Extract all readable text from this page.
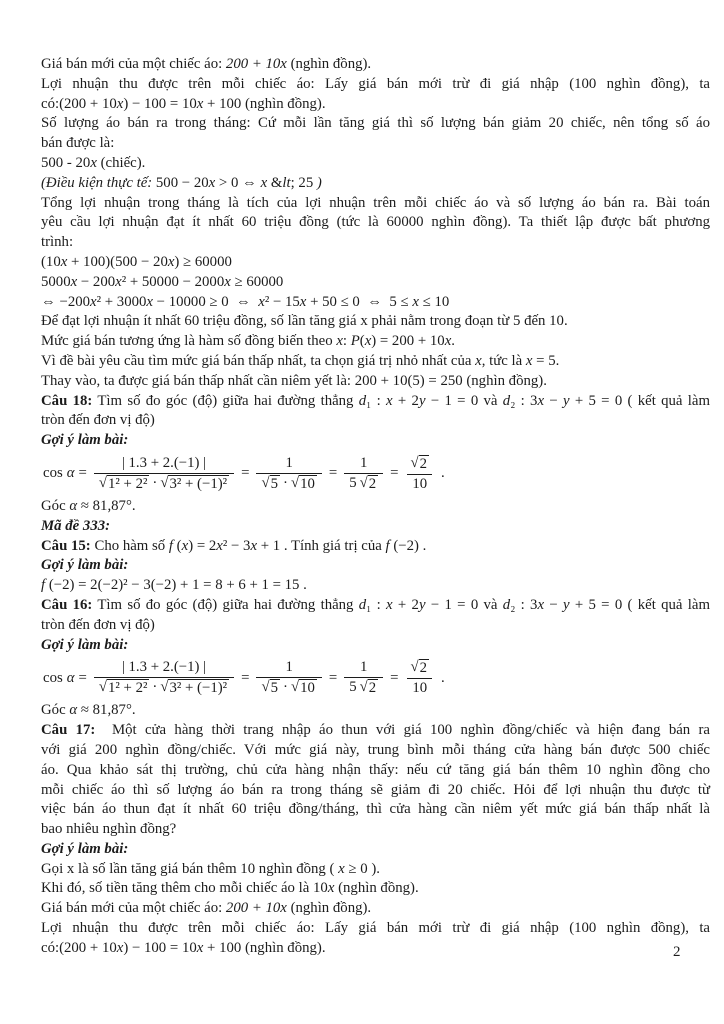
Giá bán mới của một chiếc áo: 200 + 10x (nghìn đồng).
Lợi nhuận thu được trên mỗi chiếc áo: Lấy giá bán mới trừ đi giá nhập (100 nghìn đồng), ta
có:(200 + 10x) − 100 = 10x + 100 (nghìn đồng).
Số lượng áo bán ra trong tháng: Cứ mỗi lần tăng giá thì số lượng bán giảm 20 chiếc, nên tổng số áo
bán được là:
500 - 20x (chiếc).
(Điều kiện thực tế: 500 − 20x > 0 ⇔ x &lt; 25 )
Tổng lợi nhuận trong tháng là tích của lợi nhuận trên mỗi chiếc áo và số lượng áo bán ra. Bài toán
yêu cầu lợi nhuận đạt ít nhất 60 triệu đồng (tức là 60000 nghìn đồng). Ta thiết lập được bất phương
trình:
(10x + 100)(500 − 20x) ≥ 60000
5000x − 200x² + 50000 − 2000x ≥ 60000
⇔ −200x² + 3000x − 10000 ≥ 0  ⇔  x² − 15x + 50 ≤ 0  ⇔  5 ≤ x ≤ 10
Để đạt lợi nhuận ít nhất 60 triệu đồng, số lần tăng giá x phải nằm trong đoạn từ 5 đến 10.
Mức giá bán tương ứng là hàm số đồng biến theo x: P(x) = 200 + 10x.
Vì đề bài yêu cầu tìm mức giá bán thấp nhất, ta chọn giá trị nhỏ nhất của x, tức là x = 5.
Thay vào, ta được giá bán thấp nhất cần niêm yết là: 200 + 10(5) = 250 (nghìn đồng).
Câu 18: Tìm số đo góc (độ) giữa hai đường thẳng d₁ : x + 2y − 1 = 0 và d₂ : 3x − y + 5 = 0 ( kết quả làm
tròn đến đơn vị độ)
Gợi ý làm bài:
$\cos \alpha = \frac{| 1.3 + 2.(-1) |}{\text{√ 1² + 2² · √ 3² + (−1)²}} = \frac{1}{√ 5 \cdot √ 10} = \frac{1}{5 √ 2} = \frac{√ 2}{10}$ .
Góc α ≈ 81,87°.
Mã đề 333:
Câu 15: Cho hàm số f (x) = 2x² − 3x + 1 . Tính giá trị của f (−2) .
Gợi ý làm bài:
f (−2) = 2(−2)² − 3(−2) + 1 = 8 + 6 + 1 = 15 .
Câu 16: Tìm số đo góc (độ) giữa hai đường thẳng d₁ : x + 2y − 1 = 0 và d₂ : 3x − y + 5 = 0 ( kết quả làm
tròn đến đơn vị độ)
Gợi ý làm bài:
$\cos \alpha = \frac{| 1.3 + 2.(-1) |}{\text{√ 1² + 2² · √ 3² + (−1)²}} = \frac{1}{√ 5 \cdot √ 10} = \frac{1}{5 √ 2} = \frac{√ 2}{10}$ .
Góc α ≈ 81,87°.
Câu 17:  Một cửa hàng thời trang nhập áo thun với giá 100 nghìn đồng/chiếc và hiện đang bán ra
với giá 200 nghìn đồng/chiếc. Với mức giá này, trung bình mỗi tháng cửa hàng bán được 500 chiếc
áo. Qua khảo sát thị trường, chủ cửa hàng nhận thấy: nếu cứ tăng giá bán thêm 10 nghìn đồng cho
mỗi chiếc áo thì số lượng áo bán ra trong tháng sẽ giảm đi 20 chiếc. Hỏi để lợi nhuận thu được từ
việc bán áo thun đạt ít nhất 60 triệu đồng/tháng, thì cửa hàng cần niêm yết mức giá bán thấp nhất là
bao nhiêu nghìn đồng?
Gợi ý làm bài:
Gọi x là số lần tăng giá bán thêm 10 nghìn đồng ( x ≥ 0 ).
Khi đó, số tiền tăng thêm cho mỗi chiếc áo là 10x (nghìn đồng).
Giá bán mới của một chiếc áo: 200 + 10x (nghìn đồng).
Lợi nhuận thu được trên mỗi chiếc áo: Lấy giá bán mới trừ đi giá nhập (100 nghìn đồng), ta
có:(200 + 10x) − 100 = 10x + 100 (nghìn đồng).	2
